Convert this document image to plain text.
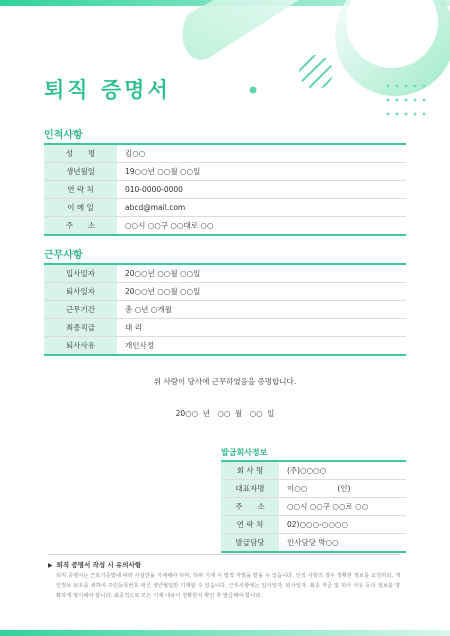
퇴직 증명서
인적사항
성　　명	김○○
생년월일	19○○년 ○○월 ○○일
연 락 처	010-0000-0000
이 메 일	abcd@mail.com
주　　소	○○시 ○○구 ○○대로 ○○
근무사항
입사일자	20○○년 ○○월 ○○일
퇴사일자	20○○년 ○○월 ○○일
근무기간	총 ○년 ○개월
최종직급	대 리
퇴사사유	개인사정
위 사람이 당사에 근무하였음을 증명합니다.
20○○ 년　○○ 월　○○ 일
발급회사정보
회 사 명	(주)○○○○
대표자명	이○○　　　　(인)
주　　소	○○시 ○○구 ○○로 ○○
연 락 처	02)○○○-○○○○
발급담당	인사담당 박○○

▶ 퇴직 증명서 작성 시 유의사항

퇴직 증명서는 근로기준법에 따라 사실만을 기재해야 하며, 허위 기재 시 법적 처벌을 받을 수 있습니다. 인적 사항의 경우 정확한 정보를 요청하되, 개인정보 보호를 위하여 주민등록번호 대신 생년월일만 기재할 수 있습니다. 근무사항에는 입사일자, 퇴사일자, 최종 직급 및 퇴사 사유 등의 정보를 명확하게 명시해야 합니다. 최종적으로 모든 기재 내용이 정확한지 확인 후 발급해야 합니다.
